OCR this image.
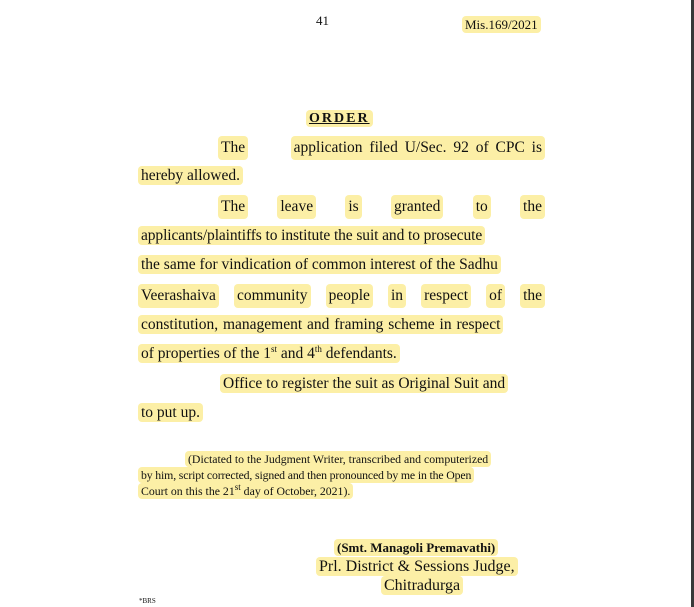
41	Mis.169/2021
ORDER
The	application filed U/Sec. 92 of CPC is
hereby allowed.
The leave is granted to the
applicants/plaintiffs to institute the suit and to prosecute
the same for vindication of common interest of the Sadhu
Veerashaiva community people in respect of the
constitution, management and framing scheme in respect
of properties of the 1st and 4th defendants.
Office to register the suit as Original Suit and
to put up.
(Dictated to the Judgment Writer, transcribed and computerized
by him, script corrected, signed and then pronounced by me in the Open
Court on this the 21st day of October, 2021).
(Smt. Managoli Premavathi)
Prl. District & Sessions Judge,
Chitradurga
*BRS
